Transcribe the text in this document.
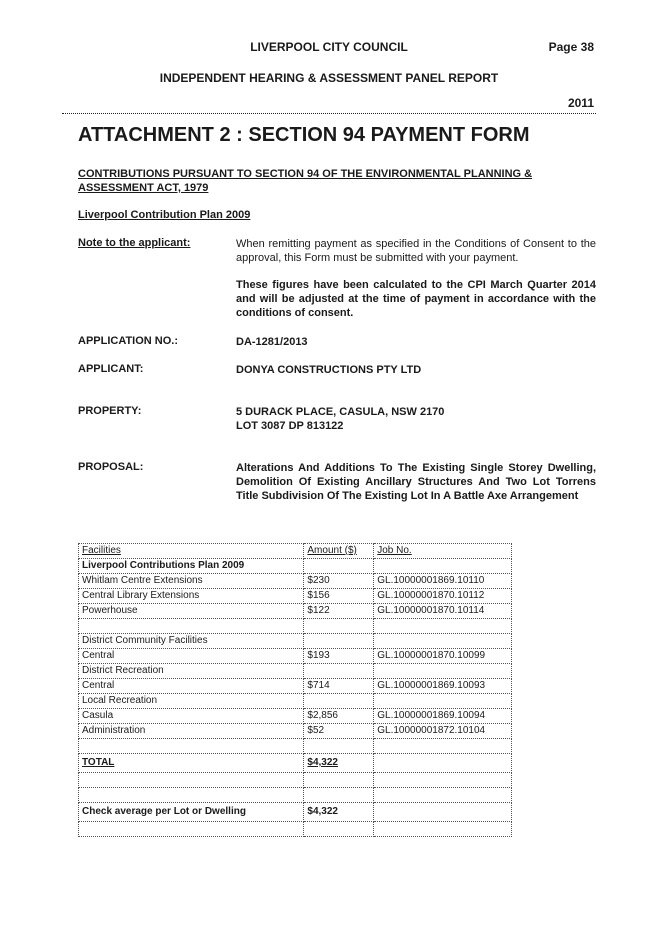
LIVERPOOL CITY COUNCIL	Page 38
INDEPENDENT HEARING & ASSESSMENT PANEL REPORT
2011
ATTACHMENT 2 : SECTION 94 PAYMENT FORM
CONTRIBUTIONS PURSUANT TO SECTION 94 OF THE ENVIRONMENTAL PLANNING & ASSESSMENT ACT, 1979
Liverpool Contribution Plan 2009
Note to the applicant:	When remitting payment as specified in the Conditions of Consent to the approval, this Form must be submitted with your payment.
These figures have been calculated to the CPI March Quarter 2014 and will be adjusted at the time of payment in accordance with the conditions of consent.
APPLICATION NO.:	DA-1281/2013
APPLICANT:	DONYA CONSTRUCTIONS PTY LTD
PROPERTY:	5 DURACK PLACE, CASULA, NSW 2170
LOT 3087 DP 813122
PROPOSAL:	Alterations And Additions To The Existing Single Storey Dwelling, Demolition Of Existing Ancillary Structures And Two Lot Torrens Title Subdivision Of The Existing Lot In A Battle Axe Arrangement
Facilities	Amount ($)	Job No.
Liverpool Contributions Plan 2009		
Whitlam Centre Extensions	$230	GL.10000001869.10110
Central Library Extensions	$156	GL.10000001870.10112
Powerhouse	$122	GL.10000001870.10114

District Community Facilities		
Central	$193	GL.10000001870.10099
District Recreation		
Central	$714	GL.10000001869.10093
Local Recreation		
Casula	$2,856	GL.10000001869.10094
Administration	$52	GL.10000001872.10104

TOTAL	$4,322	

Check average per Lot or Dwelling	$4,322	
